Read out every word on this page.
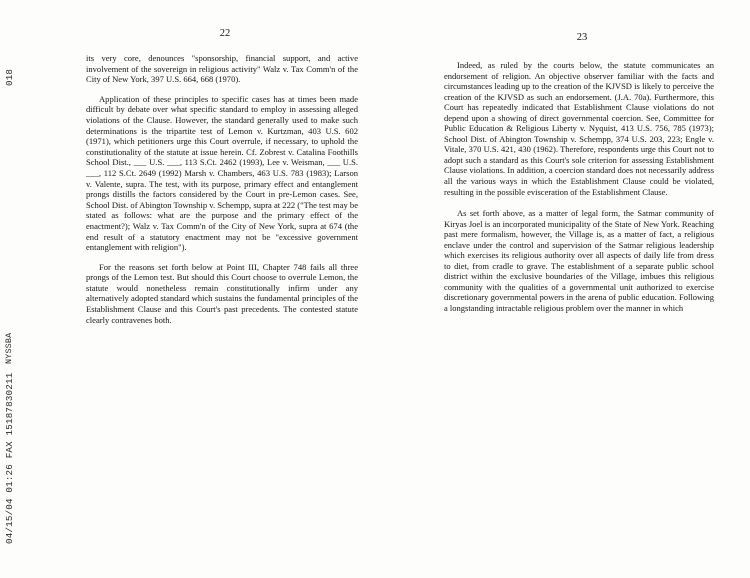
04/15/04 01:26 FAX 15187830211
NYSSBA
018
22

its very core, denounces "sponsorship, financial support, and active involvement of the sovereign in religious activity" Walz v. Tax Comm'n of the City of New York, 397 U.S. 664, 668 (1970).

Application of these principles to specific cases has at times been made difficult by debate over what specific standard to employ in assessing alleged violations of the Clause. However, the standard generally used to make such determinations is the tripartite test of Lemon v. Kurtzman, 403 U.S. 602 (1971), which petitioners urge this Court overrule, if necessary, to uphold the constitutionality of the statute at issue herein. Cf. Zobrest v. Catalina Foothills School Dist., ___ U.S. ___, 113 S.Ct. 2462 (1993), Lee v. Weisman, ___ U.S. ___, 112 S.Ct. 2649 (1992) Marsh v. Chambers, 463 U.S. 783 (1983); Larson v. Valente, supra. The test, with its purpose, primary effect and entanglement prongs distills the factors considered by the Court in pre-Lemon cases. See, School Dist. of Abington Township v. Schempp, supra at 222 ("The test may be stated as follows: what are the purpose and the primary effect of the enactment?); Walz v. Tax Comm'n of the City of New York, supra at 674 (the end result of a statutory enactment may not be "excessive government entanglement with religion").

For the reasons set forth below at Point III, Chapter 748 fails all three prongs of the Lemon test. But should this Court choose to overrule Lemon, the statute would nonetheless remain constitutionally infirm under any alternatively adopted standard which sustains the fundamental principles of the Establishment Clause and this Court's past precedents. The contested statute clearly contravenes both.

23

Indeed, as ruled by the courts below, the statute communicates an endorsement of religion. An objective observer familiar with the facts and circumstances leading up to the creation of the KJVSD is likely to perceive the creation of the KJVSD as such an endorsement. (J.A. 70a). Furthermore, this Court has repeatedly indicated that Establishment Clause violations do not depend upon a showing of direct governmental coercion. See, Committee for Public Education & Religious Liberty v. Nyquist, 413 U.S. 756, 785 (1973); School Dist. of Abington Township v. Schempp, 374 U.S. 203, 223; Engle v. Vitale, 370 U.S. 421, 430 (1962). Therefore, respondents urge this Court not to adopt such a standard as this Court's sole criterion for assessing Establishment Clause violations. In addition, a coercion standard does not necessarily address all the various ways in which the Establishment Clause could be violated, resulting in the possible evisceration of the Establishment Clause.

As set forth above, as a matter of legal form, the Satmar community of Kiryas Joel is an incorporated municipality of the State of New York. Reaching past mere formalism, however, the Village is, as a matter of fact, a religious enclave under the control and supervision of the Satmar religious leadership which exercises its religious authority over all aspects of daily life from dress to diet, from cradle to grave. The establishment of a separate public school district within the exclusive boundaries of the Village, imbues this religious community with the qualities of a governmental unit authorized to exercise discretionary governmental powers in the arena of public education. Following a longstanding intractable religious problem over the manner in which
